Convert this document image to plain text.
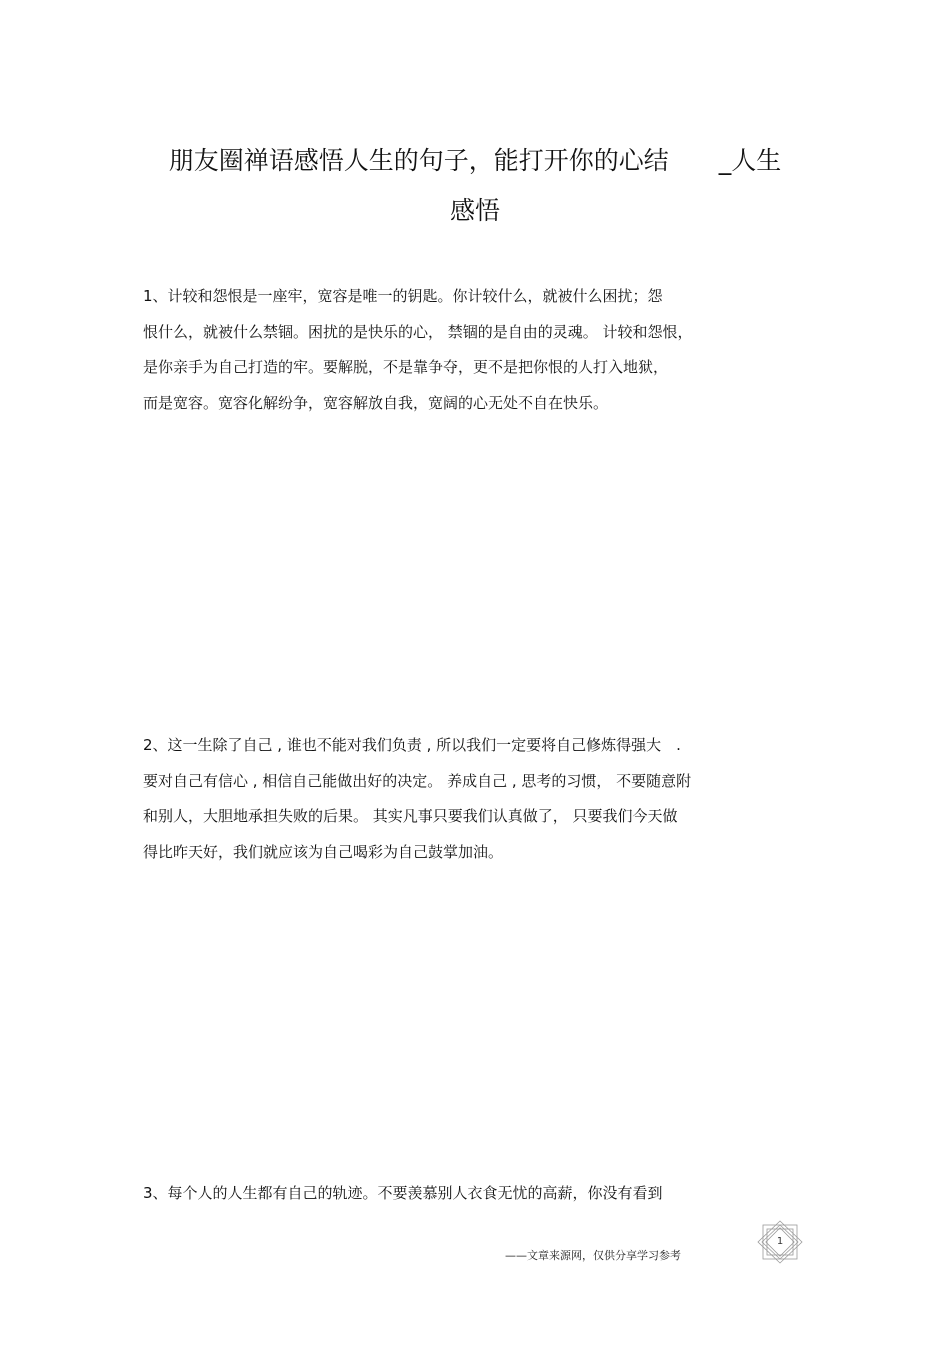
朋友圈禅语感悟人生的句子，能打开你的心结　　_人生
感悟
1、计较和怨恨是一座牢，宽容是唯一的钥匙。你计较什么，就被什么困扰；怨
恨什么，就被什么禁锢。困扰的是快乐的心， 禁锢的是自由的灵魂。 计较和怨恨，
是你亲手为自己打造的牢。要解脱，不是靠争夺，更不是把你恨的人打入地狱，
而是宽容。宽容化解纷争，宽容解放自我，宽阔的心无处不自在快乐。
2、这一生除了自己 , 谁也不能对我们负责 , 所以我们一定要将自己修炼得强大　.
要对自己有信心 , 相信自己能做出好的决定。 养成自己 , 思考的习惯， 不要随意附
和别人，大胆地承担失败的后果。 其实凡事只要我们认真做了， 只要我们今天做
得比昨天好，我们就应该为自己喝彩为自己鼓掌加油。
3、每个人的人生都有自己的轨迹。不要羡慕别人衣食无忧的高薪，你没有看到
——文章来源网，仅供分享学习参考
1
